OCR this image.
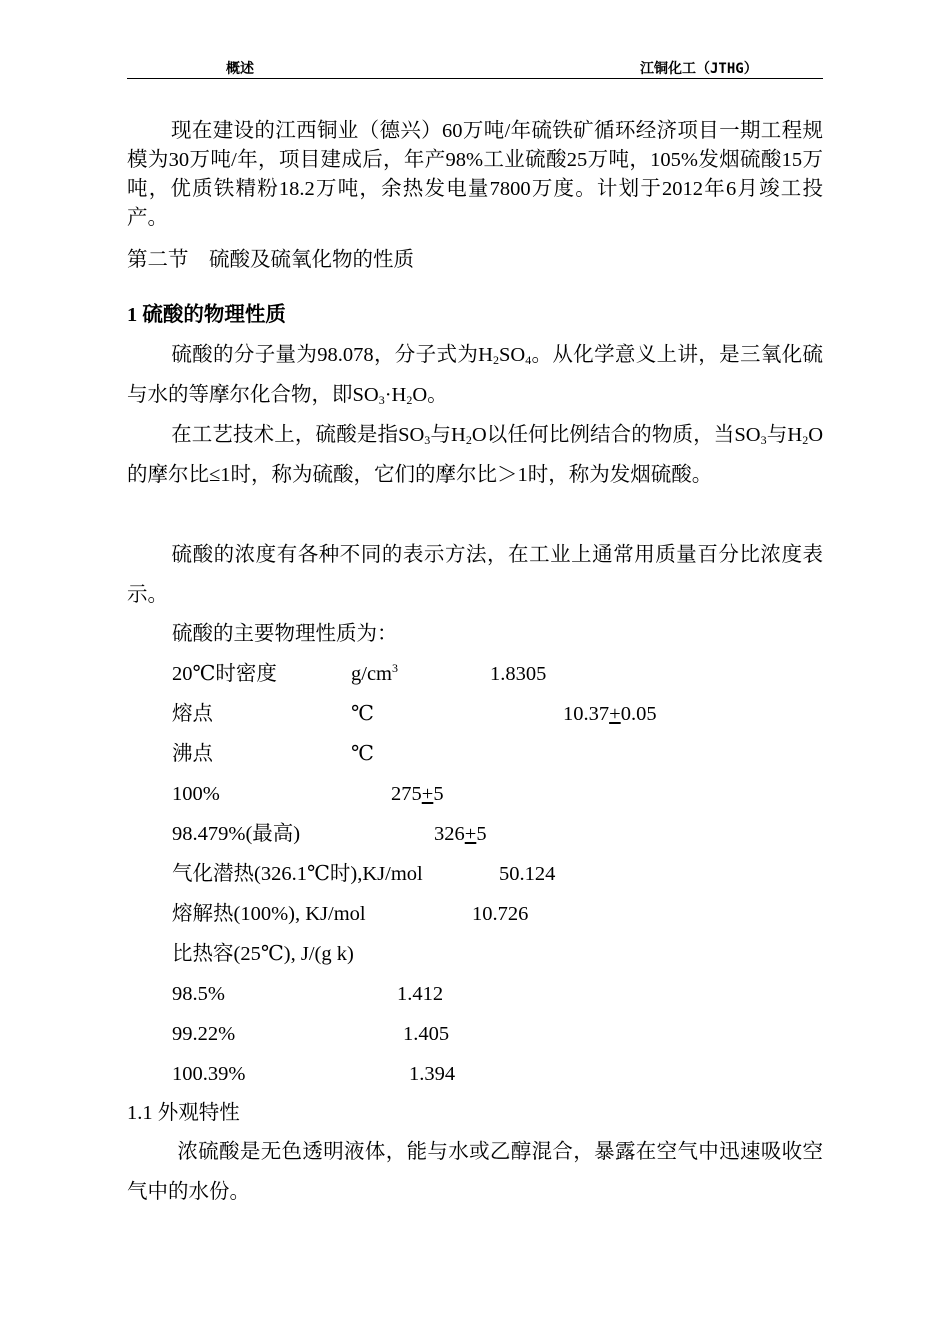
概述	江铜化工（JTHG）
现在建设的江西铜业（德兴）60万吨/年硫铁矿循环经济项目一期工程规模为30万吨/年，项目建成后，年产98%工业硫酸25万吨，105%发烟硫酸15万吨，优质铁精粉18.2万吨，余热发电量7800万度。计划于2012年6月竣工投产。
第二节　硫酸及硫氧化物的性质
1 硫酸的物理性质
硫酸的分子量为98.078，分子式为$H_2SO_4$。从化学意义上讲，是三氧化硫与水的等摩尔化合物，即$SO_3\cdot H_2O$。
在工艺技术上，硫酸是指$SO_3$与$H_2O$以任何比例结合的物质，当$SO_3$与$H_2O$的摩尔比≤1时，称为硫酸，它们的摩尔比＞1时，称为发烟硫酸。
硫酸的浓度有各种不同的表示方法，在工业上通常用质量百分比浓度表示。
硫酸的主要物理性质为：
20℃时密度	$g/cm^3$	1.8305
熔点	℃	10.37+0.05
沸点	℃
100%	275+5
98.479%(最高)	326+5
气化潜热(326.1℃时),KJ/mol	50.124
熔解热(100%), KJ/mol	10.726
比热容(25℃), J/(g k)
98.5%	1.412
99.22%	1.405
100.39%	1.394
1.1 外观特性
浓硫酸是无色透明液体，能与水或乙醇混合，暴露在空气中迅速吸收空气中的水份。
